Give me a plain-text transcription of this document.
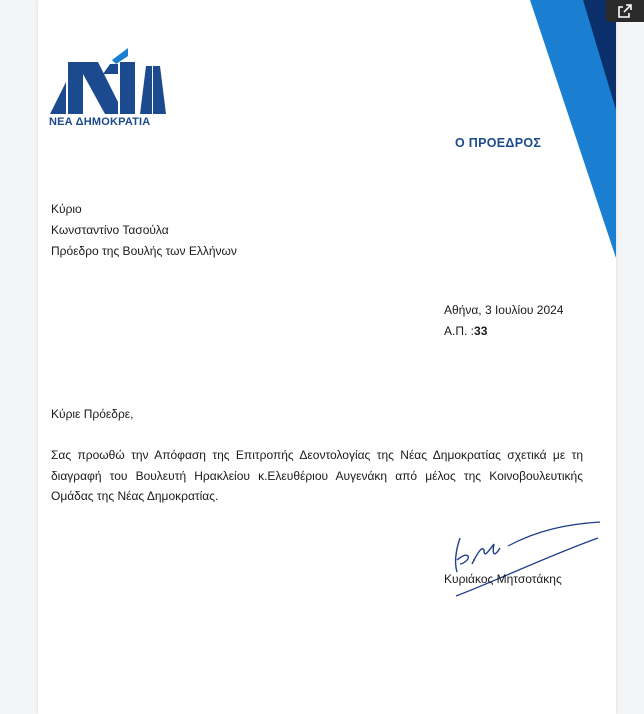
ΝΕΑ ΔΗΜΟΚΡΑΤΙΑ
Ο ΠΡΟΕΔΡΟΣ
Κύριο
Κωνσταντίνο Τασούλα
Πρόεδρο της Βουλής των Ελλήνων
Αθήνα, 3 Ιουλίου 2024
Α.Π. :33
Κύριε Πρόεδρε,
Σας προωθώ την Απόφαση της Επιτροπής Δεοντολογίας της Νέας Δημοκρατίας σχετικά με τη διαγραφή του Βουλευτή Ηρακλείου κ.Ελευθέριου Αυγενάκη από μέλος της Κοινοβουλευτικής Ομάδας της Νέας Δημοκρατίας.
Κυριάκος Μητσοτάκης
